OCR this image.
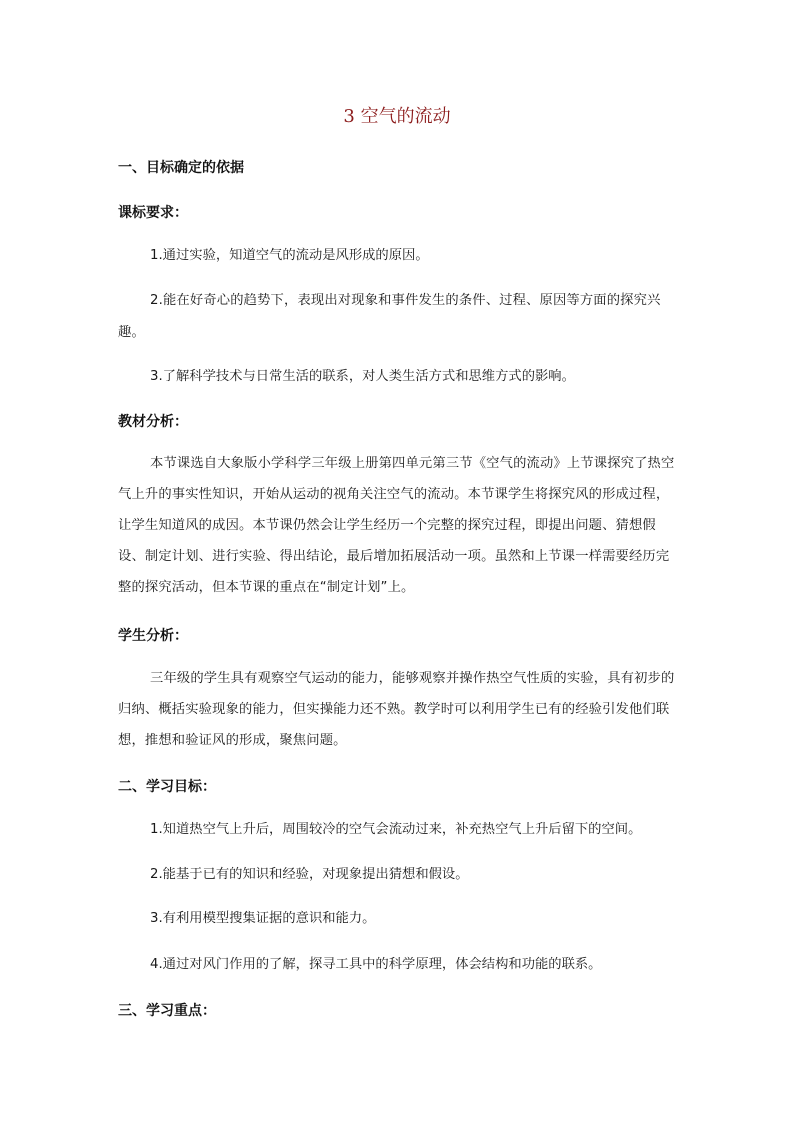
3 空气的流动
一、目标确定的依据
课标要求：
1.通过实验，知道空气的流动是风形成的原因。
2.能在好奇心的趋势下，表现出对现象和事件发生的条件、过程、原因等方面的探究兴趣。
3.了解科学技术与日常生活的联系，对人类生活方式和思维方式的影响。
教材分析：
本节课选自大象版小学科学三年级上册第四单元第三节《空气的流动》上节课探究了热空气上升的事实性知识，开始从运动的视角关注空气的流动。本节课学生将探究风的形成过程，让学生知道风的成因。本节课仍然会让学生经历一个完整的探究过程，即提出问题、猜想假设、制定计划、进行实验、得出结论，最后增加拓展活动一项。虽然和上节课一样需要经历完整的探究活动，但本节课的重点在“制定计划”上。
学生分析：
三年级的学生具有观察空气运动的能力，能够观察并操作热空气性质的实验，具有初步的归纳、概括实验现象的能力，但实操能力还不熟。教学时可以利用学生已有的经验引发他们联想，推想和验证风的形成，聚焦问题。
二、学习目标：
1.知道热空气上升后，周围较冷的空气会流动过来，补充热空气上升后留下的空间。
2.能基于已有的知识和经验，对现象提出猜想和假设。
3.有利用模型搜集证据的意识和能力。
4.通过对风门作用的了解，探寻工具中的科学原理，体会结构和功能的联系。
三、学习重点：
